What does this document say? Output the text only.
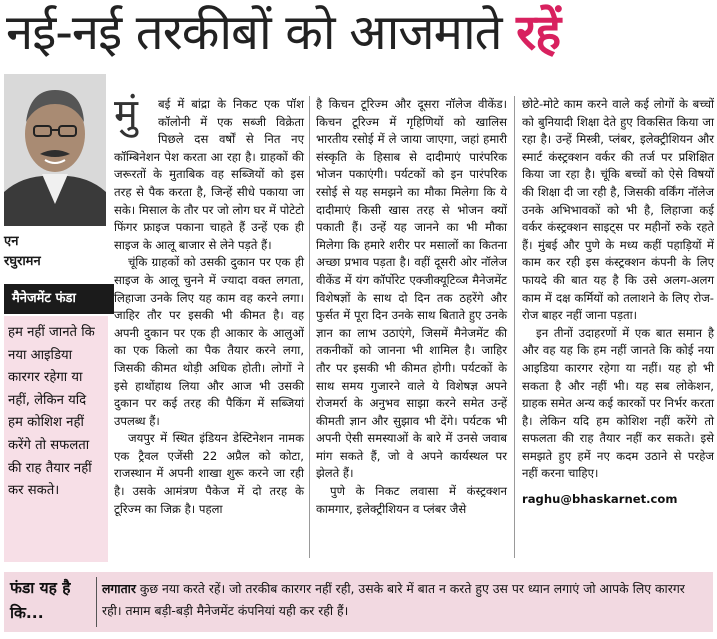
नई-नई तरकीबों को आजमाते रहें
एन
रघुरामन
मैनेजमेंट फंडा
हम नहीं जानते कि नया आइडिया कारगर रहेगा या नहीं, लेकिन यदि हम कोशिश नहीं करेंगे तो सफलता की राह तैयार नहीं कर सकते।

मुं	बई में बांद्रा के निकट एक पॉश कॉलोनी में एक सब्जी विक्रेता पिछले दस वर्षों से नित नए कॉम्बिनेशन पेश करता आ रहा है। ग्राहकों की जरूरतों के मुताबिक वह सब्जियों को इस तरह से पैक करता है, जिन्हें सीधे पकाया जा सके। मिसाल के तौर पर जो लोग घर में पोटेटो फिंगर फ्राइज पकाना चाहते हैं उन्हें एक ही साइज के आलू बाजार से लेने पड़ते हैं।

चूंकि ग्राहकों को उसकी दुकान पर एक ही साइज के आलू चुनने में ज्यादा वक्त लगता, लिहाजा उनके लिए यह काम वह करने लगा। जाहिर तौर पर इसकी भी कीमत है। वह अपनी दुकान पर एक ही आकार के आलुओं का एक किलो का पैक तैयार करने लगा, जिसकी कीमत थोड़ी अधिक होती। लोगों ने इसे हाथोंहाथ लिया और आज भी उसकी दुकान पर कई तरह की पैकिंग में सब्जियां उपलब्ध हैं।

जयपुर में स्थित इंडियन डेस्टिनेशन नामक एक ट्रैवल एजेंसी 22 अप्रैल को कोटा, राजस्थान में अपनी शाखा शुरू करने जा रही है। उसके आमंत्रण पैकेज में दो तरह के टूरिज्म का जिक्र है। पहला

है किचन टूरिज्म और दूसरा नॉलेज वीकेंड। किचन टूरिज्म में गृहिणियों को खालिस भारतीय रसोई में ले जाया जाएगा, जहां हमारी संस्कृति के हिसाब से दादीमाएं पारंपरिक भोजन पकाएंगी। पर्यटकों को इन पारंपरिक रसोई से यह समझने का मौका मिलेगा कि ये दादीमाएं किसी खास तरह से भोजन क्यों पकाती हैं। उन्हें यह जानने का भी मौका मिलेगा कि हमारे शरीर पर मसालों का कितना अच्छा प्रभाव पड़ता है। वहीं दूसरी ओर नॉलेज वीकेंड में यंग कॉर्पोरेट एक्जीक्यूटिव्ज मैनेजमेंट विशेषज्ञों के साथ दो दिन तक ठहरेंगे और फुर्सत में पूरा दिन उनके साथ बिताते हुए उनके ज्ञान का लाभ उठाएंगे, जिसमें मैनेजमेंट की तकनीकों को जानना भी शामिल है। जाहिर तौर पर इसकी भी कीमत होगी। पर्यटकों के साथ समय गुजारने वाले ये विशेषज्ञ अपने रोजमर्रा के अनुभव साझा करने समेत उन्हें कीमती ज्ञान और सुझाव भी देंगे। पर्यटक भी अपनी ऐसी समस्याओं के बारे में उनसे जवाब मांग सकते हैं, जो वे अपने कार्यस्थल पर झेलते हैं।

पुणे के निकट लवासा में कंस्ट्रक्शन कामगार, इलेक्ट्रीशियन व प्लंबर जैसे

छोटे-मोटे काम करने वाले कई लोगों के बच्चों को बुनियादी शिक्षा देते हुए विकसित किया जा रहा है। उन्हें मिस्त्री, प्लंबर, इलेक्ट्रीशियन और स्मार्ट कंस्ट्रक्शन वर्कर की तर्ज पर प्रशिक्षित किया जा रहा है। चूंकि बच्चों को ऐसे विषयों की शिक्षा दी जा रही है, जिसकी वर्किंग नॉलेज उनके अभिभावकों को भी है, लिहाजा कई वर्कर कंस्ट्रक्शन साइट्स पर महीनों रुके रहते हैं। मुंबई और पुणे के मध्य कहीं पहाड़ियों में काम कर रही इस कंस्ट्रक्शन कंपनी के लिए फायदे की बात यह है कि उसे अलग-अलग काम में दक्ष कर्मियों को तलाशने के लिए रोज-रोज बाहर नहीं जाना पड़ता।

इन तीनों उदाहरणों में एक बात समान है और वह यह कि हम नहीं जानते कि कोई नया आइडिया कारगर रहेगा या नहीं। यह हो भी सकता है और नहीं भी। यह सब लोकेशन, ग्राहक समेत अन्य कई कारकों पर निर्भर करता है। लेकिन यदि हम कोशिश नहीं करेंगे तो सफलता की राह तैयार नहीं कर सकते। इसे समझते हुए हमें नए कदम उठाने से परहेज नहीं करना चाहिए।

raghu@bhaskarnet.com
फंडा यह है कि...
लगातार कुछ नया करते रहें। जो तरकीब कारगर नहीं रही, उसके बारे में बात न करते हुए उस पर ध्यान लगाएं जो आपके लिए कारगर रही। तमाम बड़ी-बड़ी मैनेजमेंट कंपनियां यही कर रही हैं।
